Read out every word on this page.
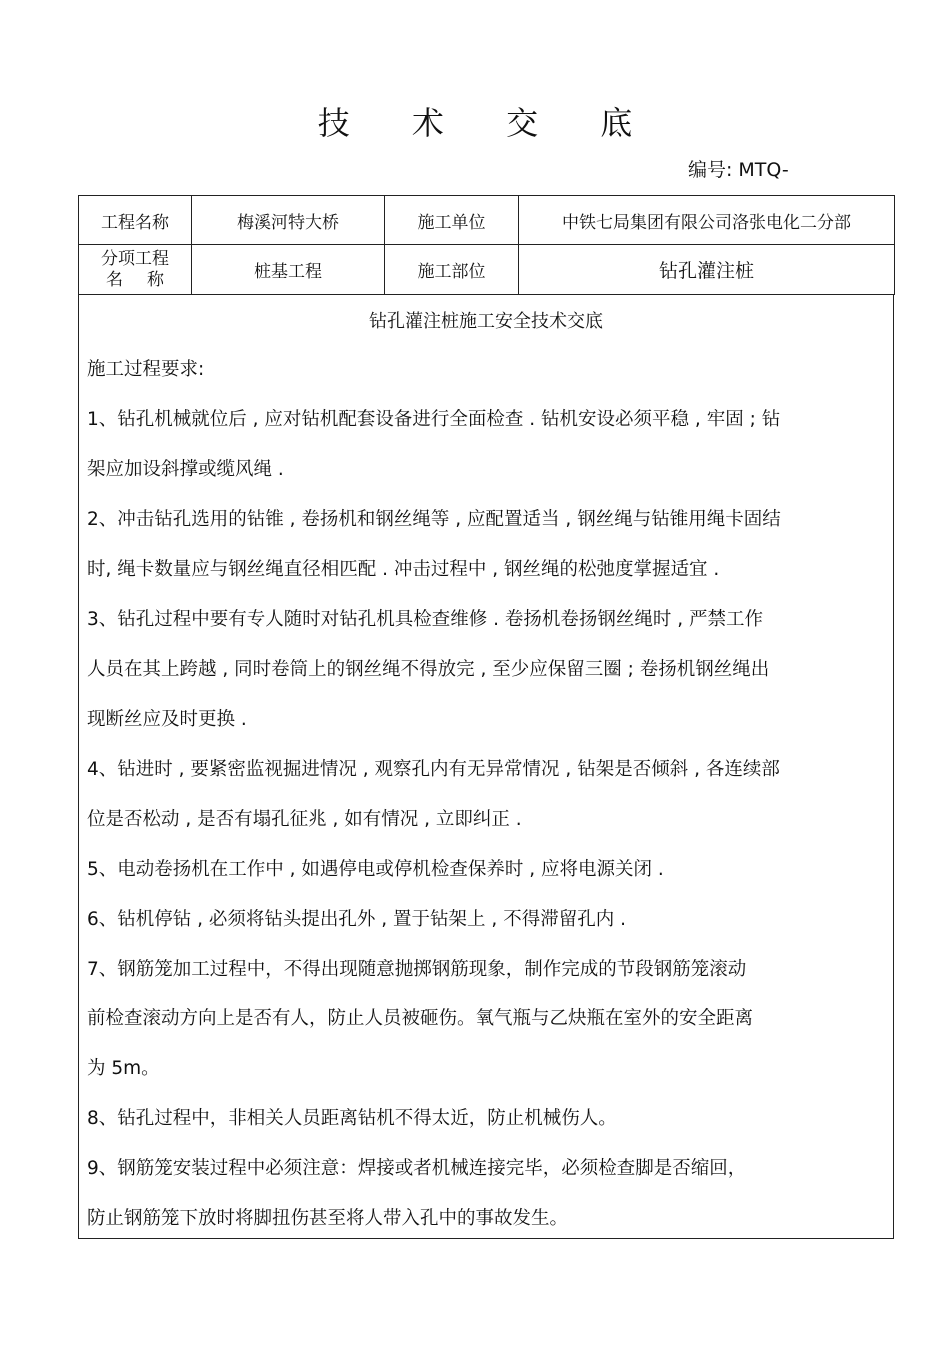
技 术 交 底
编号: MTQ-
工程名称	梅溪河特大桥	施工单位	中铁七局集团有限公司洛张电化二分部

分项工程
名称	桩基工程	施工部位	钻孔灌注桩
钻孔灌注桩施工安全技术交底
施工过程要求:
1、钻孔机械就位后 , 应对钻机配套设备进行全面检查 . 钻机安设必须平稳 , 牢固 ; 钻
架应加设斜撑或缆风绳 .
2、冲击钻孔选用的钻锥 , 卷扬机和钢丝绳等 , 应配置适当 , 钢丝绳与钻锥用绳卡固结
时, 绳卡数量应与钢丝绳直径相匹配 . 冲击过程中 , 钢丝绳的松弛度掌握适宜 .
3、钻孔过程中要有专人随时对钻孔机具检查维修 . 卷扬机卷扬钢丝绳时 , 严禁工作
人员在其上跨越 , 同时卷筒上的钢丝绳不得放完 , 至少应保留三圈 ; 卷扬机钢丝绳出
现断丝应及时更换 .
4、钻进时 , 要紧密监视掘进情况 , 观察孔内有无异常情况 , 钻架是否倾斜 , 各连续部
位是否松动 , 是否有塌孔征兆 , 如有情况 , 立即纠正 .
5、电动卷扬机在工作中 , 如遇停电或停机检查保养时 , 应将电源关闭 .
6、钻机停钻 , 必须将钻头提出孔外 , 置于钻架上 , 不得滞留孔内 .
7、钢筋笼加工过程中，不得出现随意抛掷钢筋现象，制作完成的节段钢筋笼滚动
前检查滚动方向上是否有人，防止人员被砸伤。氧气瓶与乙炔瓶在室外的安全距离
为 5m。
8、钻孔过程中，非相关人员距离钻机不得太近，防止机械伤人。
9、钢筋笼安装过程中必须注意：焊接或者机械连接完毕，必须检查脚是否缩回，
防止钢筋笼下放时将脚扭伤甚至将人带入孔中的事故发生。
